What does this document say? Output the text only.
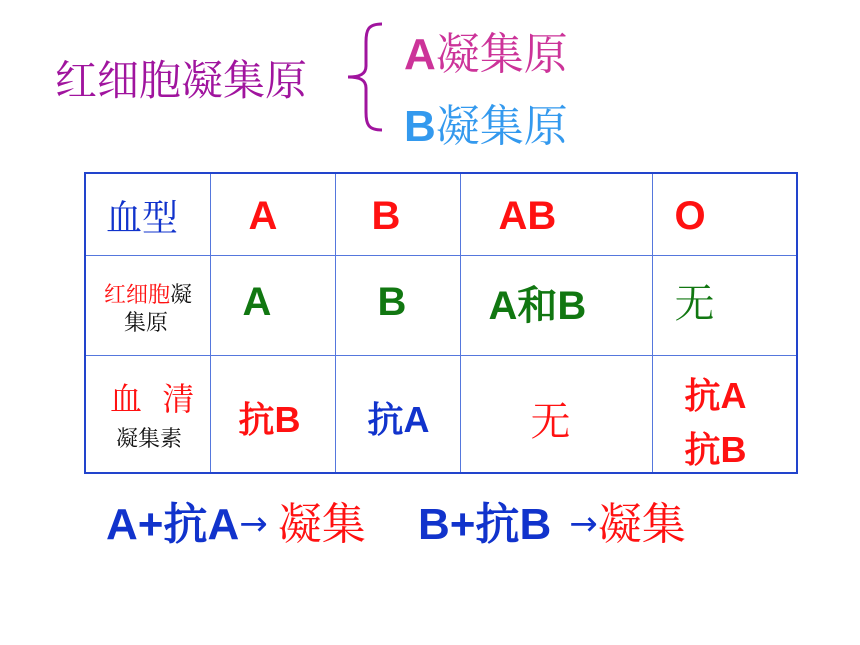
红细胞凝集原
A凝集原
B凝集原
血型	A	B	AB	O

红细胞凝
集原	A	B	A和B	无

血  清
凝集素	抗B	抗A	无	抗A
抗B
A+抗A→ 凝集 B+抗B →凝集
